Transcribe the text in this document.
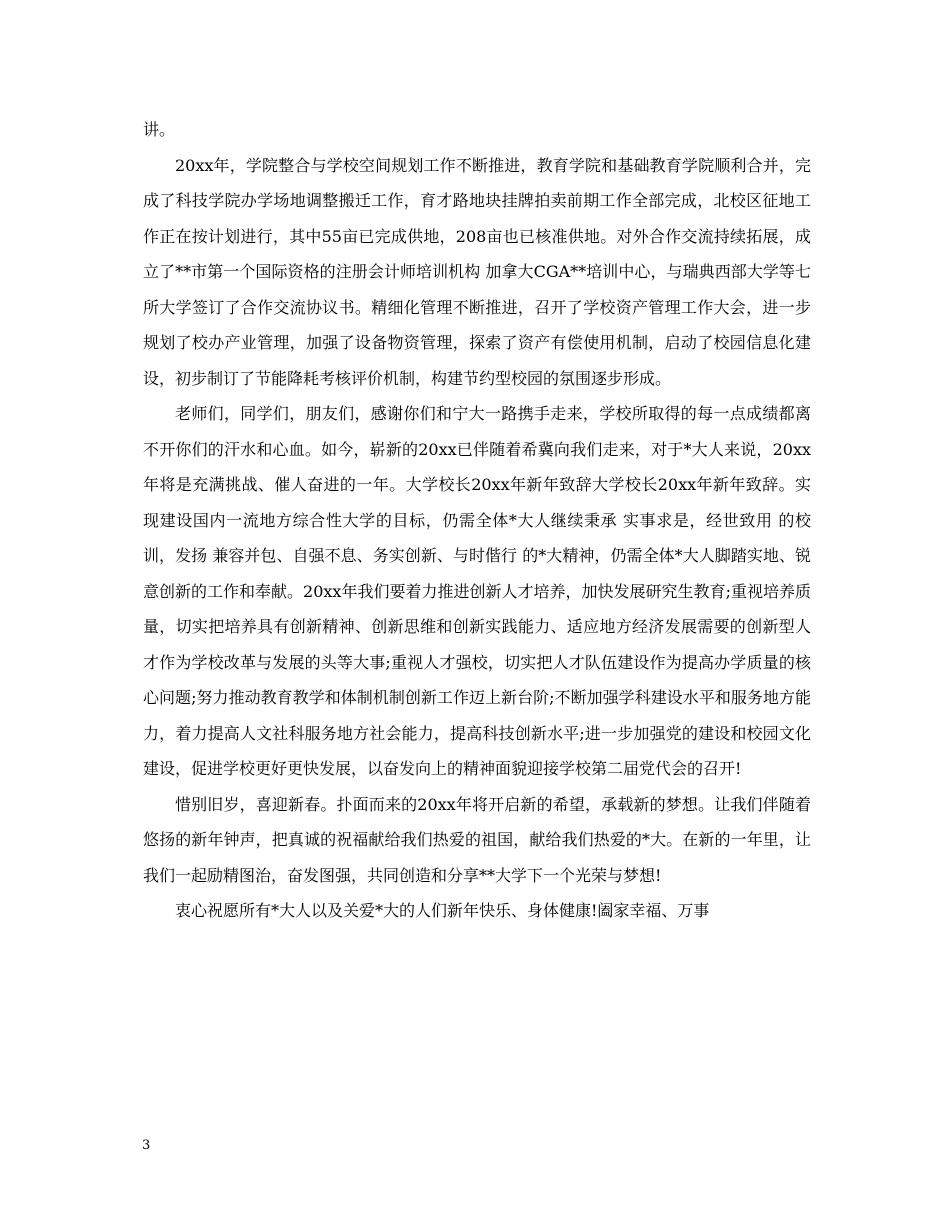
讲。

20xx年，学院整合与学校空间规划工作不断推进，教育学院和基础教育学院顺利合并，完成了科技学院办学场地调整搬迁工作，育才路地块挂牌拍卖前期工作全部完成，北校区征地工作正在按计划进行，其中55亩已完成供地，208亩也已核准供地。对外合作交流持续拓展，成立了**市第一个国际资格的注册会计师培训机构 加拿大CGA**培训中心，与瑞典西部大学等七所大学签订了合作交流协议书。精细化管理不断推进，召开了学校资产管理工作大会，进一步规划了校办产业管理，加强了设备物资管理，探索了资产有偿使用机制，启动了校园信息化建设，初步制订了节能降耗考核评价机制，构建节约型校园的氛围逐步形成。

老师们，同学们，朋友们，感谢你们和宁大一路携手走来，学校所取得的每一点成绩都离不开你们的汗水和心血。如今，崭新的20xx已伴随着希冀向我们走来，对于*大人来说，20xx年将是充满挑战、催人奋进的一年。大学校长20xx年新年致辞大学校长20xx年新年致辞。实现建设国内一流地方综合性大学的目标，仍需全体*大人继续秉承 实事求是，经世致用 的校训，发扬 兼容并包、自强不息、务实创新、与时偕行 的*大精神，仍需全体*大人脚踏实地、锐意创新的工作和奉献。20xx年我们要着力推进创新人才培养，加快发展研究生教育;重视培养质量，切实把培养具有创新精神、创新思维和创新实践能力、适应地方经济发展需要的创新型人才作为学校改革与发展的头等大事;重视人才强校，切实把人才队伍建设作为提高办学质量的核心问题;努力推动教育教学和体制机制创新工作迈上新台阶;不断加强学科建设水平和服务地方能力，着力提高人文社科服务地方社会能力，提高科技创新水平;进一步加强党的建设和校园文化建设，促进学校更好更快发展，以奋发向上的精神面貌迎接学校第二届党代会的召开!

惜别旧岁，喜迎新春。扑面而来的20xx年将开启新的希望，承载新的梦想。让我们伴随着悠扬的新年钟声，把真诚的祝福献给我们热爱的祖国，献给我们热爱的*大。在新的一年里，让我们一起励精图治，奋发图强，共同创造和分享**大学下一个光荣与梦想!

衷心祝愿所有*大人以及关爱*大的人们新年快乐、身体健康!阖家幸福、万事

3
